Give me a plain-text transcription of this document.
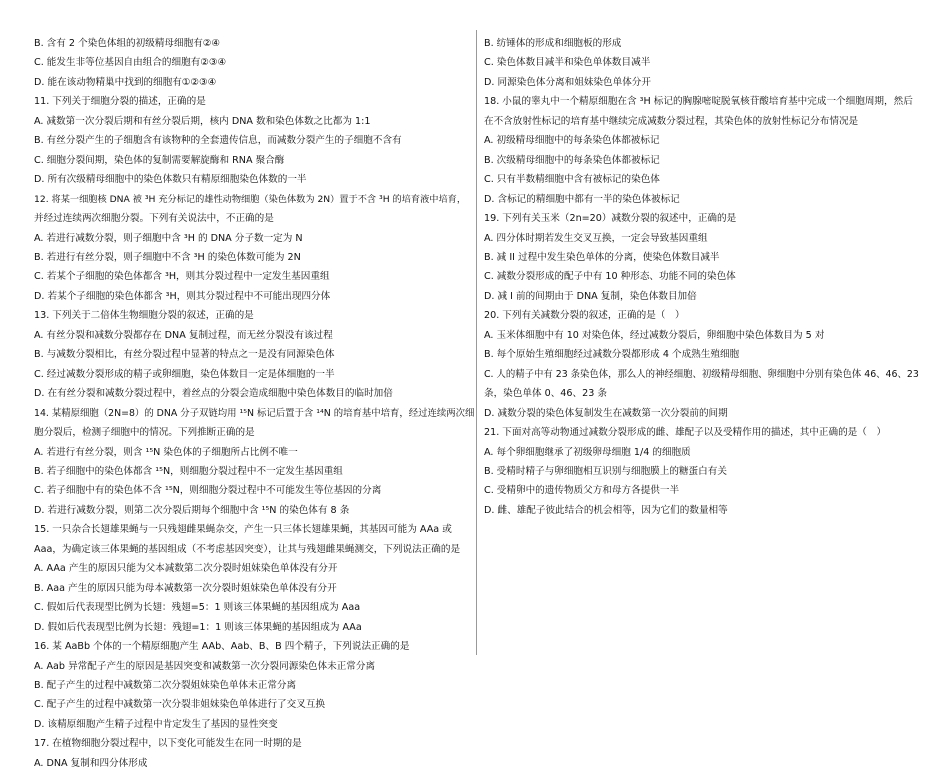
B. 含有 2 个染色体组的初级精母细胞有②④
C. 能发生非等位基因自由组合的细胞有②③④
D. 能在该动物精巢中找到的细胞有①②③④
11. 下列关于细胞分裂的描述，正确的是
A. 减数第一次分裂后期和有丝分裂后期，核内 DNA 数和染色体数之比都为 1:1
B. 有丝分裂产生的子细胞含有该物种的全套遗传信息，而减数分裂产生的子细胞不含有
C. 细胞分裂间期，染色体的复制需要解旋酶和 RNA 聚合酶
D. 所有次级精母细胞中的染色体数只有精原细胞染色体数的一半
12. 将某一细胞核 DNA 被 ³H 充分标记的雄性动物细胞（染色体数为 2N）置于不含 ³H 的培育液中培育，
并经过连续两次细胞分裂。下列有关说法中，不正确的是
A. 若进行减数分裂，则子细胞中含 ³H 的 DNA 分子数一定为 N
B. 若进行有丝分裂，则子细胞中不含 ³H 的染色体数可能为 2N
C. 若某个子细胞的染色体都含 ³H，则其分裂过程中一定发生基因重组
D. 若某个子细胞的染色体都含 ³H，则其分裂过程中不可能出现四分体
13. 下列关于二倍体生物细胞分裂的叙述，正确的是
A. 有丝分裂和减数分裂都存在 DNA 复制过程，而无丝分裂没有该过程
B. 与减数分裂相比，有丝分裂过程中显著的特点之一是没有同源染色体
C. 经过减数分裂形成的精子或卵细胞，染色体数目一定是体细胞的一半
D. 在有丝分裂和减数分裂过程中，着丝点的分裂会造成细胞中染色体数目的临时加倍
14. 某精原细胞（2N=8）的 DNA 分子双链均用 ¹⁵N 标记后置于含 ¹⁴N 的培育基中培育，经过连续两次细
胞分裂后，检测子细胞中的情况。下列推断正确的是
A. 若进行有丝分裂，则含 ¹⁵N 染色体的子细胞所占比例不唯一
B. 若子细胞中的染色体都含 ¹⁵N，则细胞分裂过程中不一定发生基因重组
C. 若子细胞中有的染色体不含 ¹⁵N，则细胞分裂过程中不可能发生等位基因的分离
D. 若进行减数分裂，则第二次分裂后期每个细胞中含 ¹⁵N 的染色体有 8 条
15. 一只杂合长翅雄果蝇与一只残翅雌果蝇杂交，产生一只三体长翅雄果蝇，其基因可能为 AAa 或
Aaa，为确定该三体果蝇的基因组成（不考虑基因突变），让其与残翅雌果蝇测交，下列说法正确的是
A. AAa 产生的原因只能为父本减数第二次分裂时姐妹染色单体没有分开
B. Aaa 产生的原因只能为母本减数第一次分裂时姐妹染色单体没有分开
C. 假如后代表现型比例为长翅：残翅=5：1 则该三体果蝇的基因组成为 Aaa
D. 假如后代表现型比例为长翅：残翅=1：1 则该三体果蝇的基因组成为 AAa
16. 某 AaBb 个体的一个精原细胞产生 AAb、Aab、B、B 四个精子，下列说法正确的是
A. Aab 异常配子产生的原因是基因突变和减数第一次分裂同源染色体未正常分离
B. 配子产生的过程中减数第二次分裂姐妹染色单体未正常分离
C. 配子产生的过程中减数第一次分裂非姐妹染色单体进行了交叉互换
D. 该精原细胞产生精子过程中肯定发生了基因的显性突变
17. 在植物细胞分裂过程中，以下变化可能发生在同一时期的是
A. DNA 复制和四分体形成
B. 纺锤体的形成和细胞板的形成
C. 染色体数目减半和染色单体数目减半
D. 同源染色体分离和姐妹染色单体分开
18. 小鼠的睾丸中一个精原细胞在含 ³H 标记的胸腺嘧啶脱氧核苷酸培育基中完成一个细胞周期，然后
在不含放射性标记的培育基中继续完成减数分裂过程，其染色体的放射性标记分布情况是
A. 初级精母细胞中的每条染色体都被标记
B. 次级精母细胞中的每条染色体都被标记
C. 只有半数精细胞中含有被标记的染色体
D. 含标记的精细胞中都有一半的染色体被标记
19. 下列有关玉米（2n=20）减数分裂的叙述中，正确的是
A. 四分体时期若发生交叉互换，一定会导致基因重组
B. 减 II 过程中发生染色单体的分离，使染色体数目减半
C. 减数分裂形成的配子中有 10 种形态、功能不同的染色体
D. 减 I 前的间期由于 DNA 复制，染色体数目加倍
20. 下列有关减数分裂的叙述，正确的是（　）
A. 玉米体细胞中有 10 对染色体，经过减数分裂后，卵细胞中染色体数目为 5 对
B. 每个原始生殖细胞经过减数分裂都形成 4 个成熟生殖细胞
C. 人的精子中有 23 条染色体，那么人的神经细胞、初级精母细胞、卵细胞中分别有染色体 46、46、23
条，染色单体 0、46、23 条
D. 减数分裂的染色体复制发生在减数第一次分裂前的间期
21. 下面对高等动物通过减数分裂形成的雌、雄配子以及受精作用的描述，其中正确的是（　）
A. 每个卵细胞继承了初级卵母细胞 1/4 的细胞质
B. 受精时精子与卵细胞相互识别与细胞膜上的糖蛋白有关
C. 受精卵中的遗传物质父方和母方各提供一半
D. 雌、雄配子彼此结合的机会相等，因为它们的数量相等
